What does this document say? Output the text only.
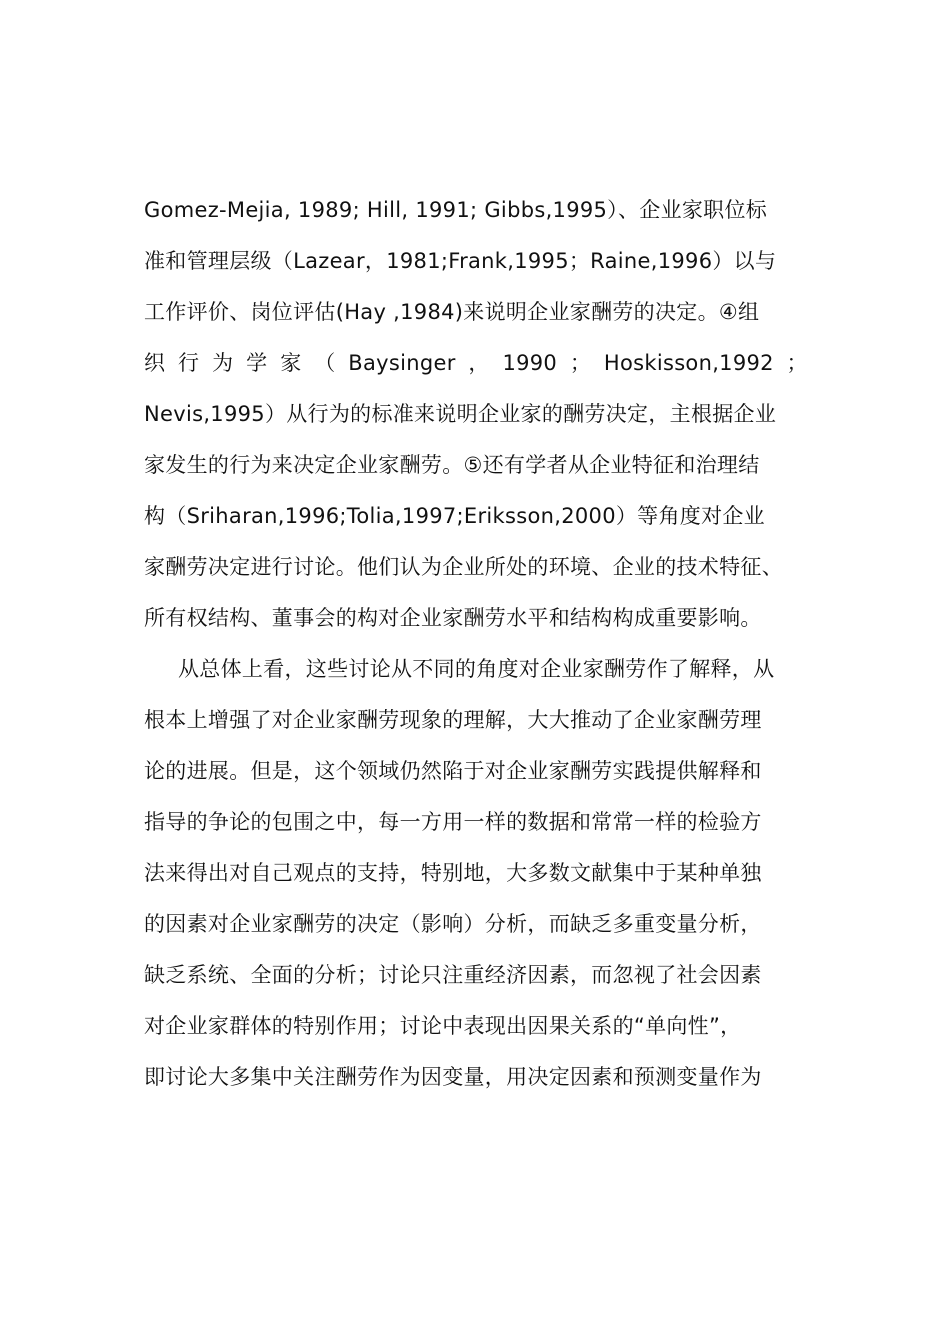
Gomez-Mejia, 1989; Hill, 1991; Gibbs,1995）、企业家职位标
准和管理层级（Lazear，1981;Frank,1995；Raine,1996）以与
工作评价、岗位评估(Hay ,1984)来说明企业家酬劳的决定。④组
织 行 为 学 家 （ Baysinger ， 1990 ； Hoskisson,1992 ；
Nevis,1995）从行为的标准来说明企业家的酬劳决定，主根据企业
家发生的行为来决定企业家酬劳。⑤还有学者从企业特征和治理结
构（Sriharan,1996;Tolia,1997;Eriksson,2000）等角度对企业
家酬劳决定进行讨论。他们认为企业所处的环境、企业的技术特征、
所有权结构、董事会的构对企业家酬劳水平和结构构成重要影响。
从总体上看，这些讨论从不同的角度对企业家酬劳作了解释，从
根本上增强了对企业家酬劳现象的理解，大大推动了企业家酬劳理
论的进展。但是，这个领域仍然陷于对企业家酬劳实践提供解释和
指导的争论的包围之中，每一方用一样的数据和常常一样的检验方
法来得出对自己观点的支持，特别地，大多数文献集中于某种单独
的因素对企业家酬劳的决定（影响）分析，而缺乏多重变量分析，
缺乏系统、全面的分析；讨论只注重经济因素，而忽视了社会因素
对企业家群体的特别作用；讨论中表现出因果关系的“单向性”，
即讨论大多集中关注酬劳作为因变量，用决定因素和预测变量作为
